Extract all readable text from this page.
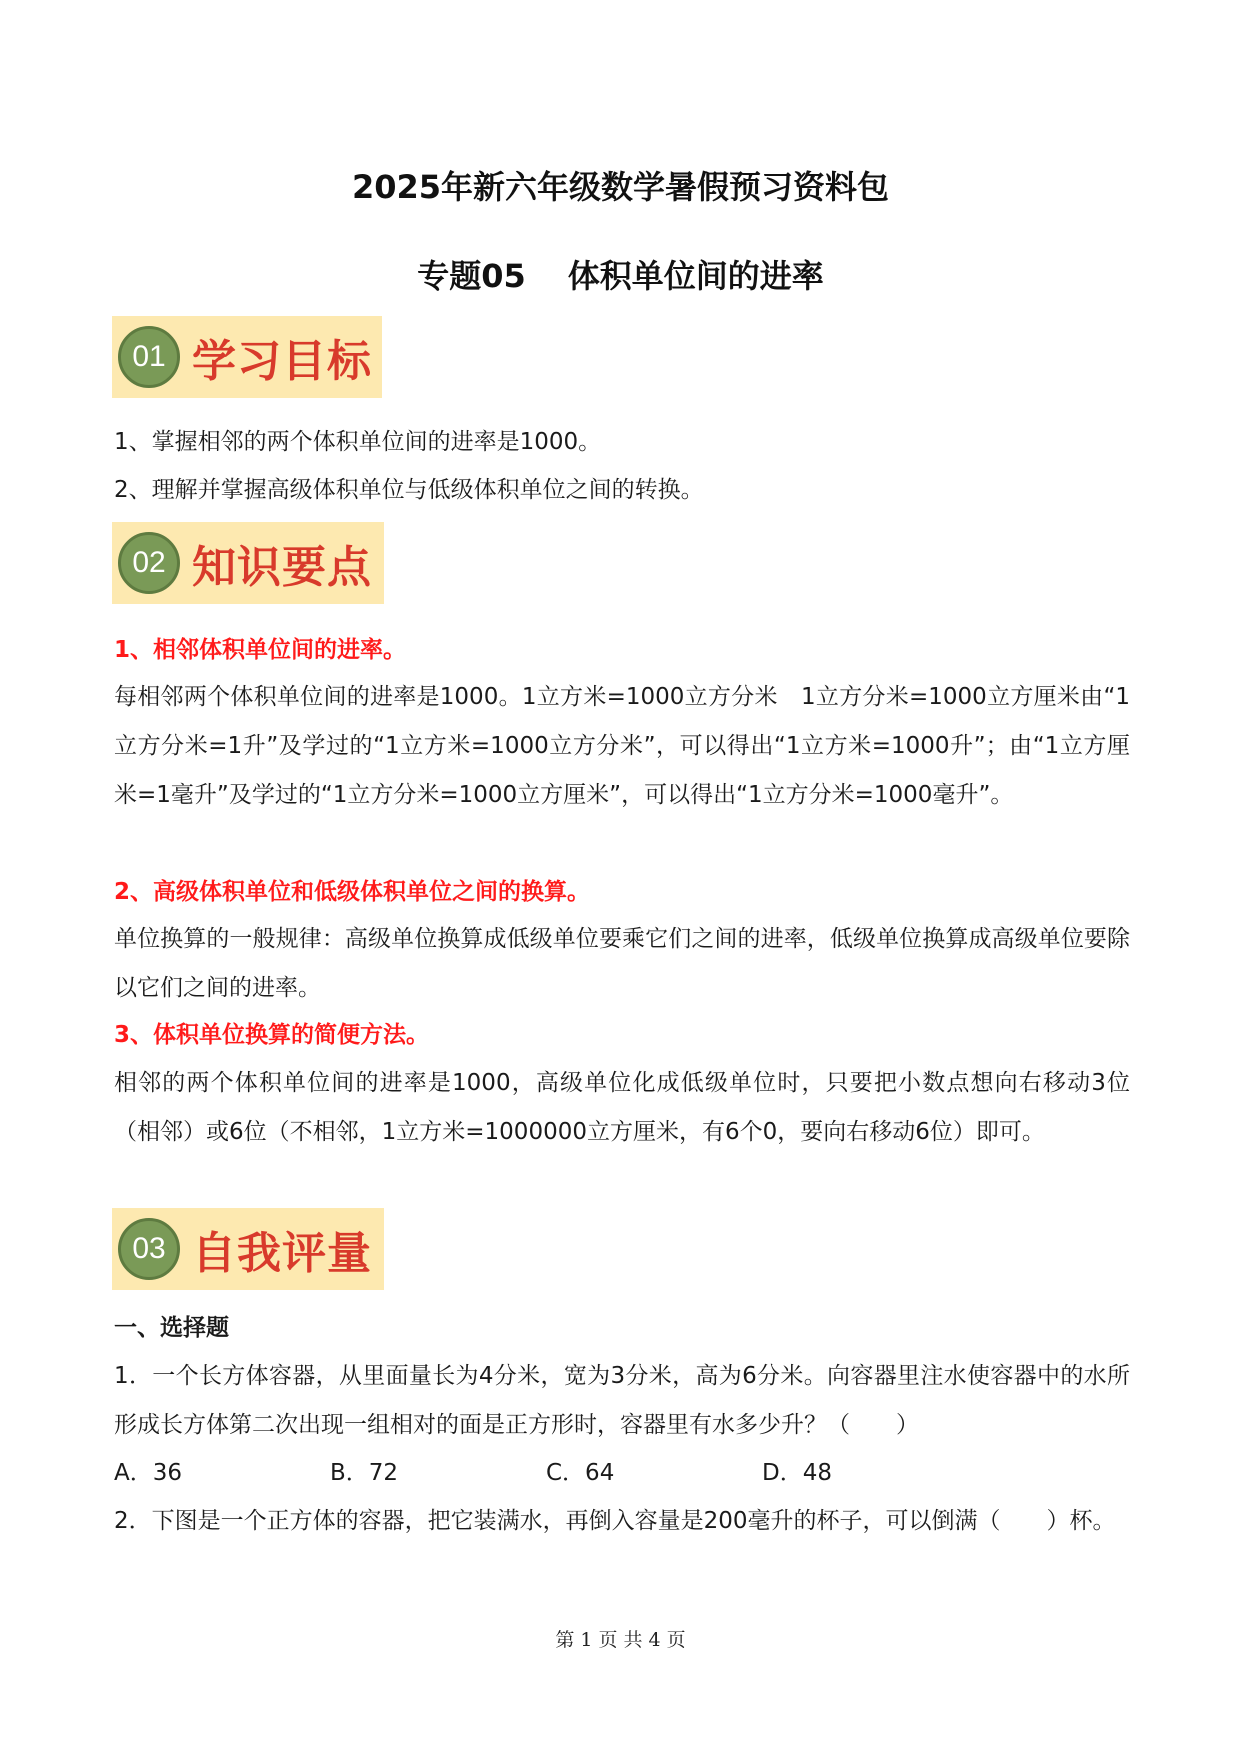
2025年新六年级数学暑假预习资料包
专题05 体积单位间的进率
01 学习目标
1、掌握相邻的两个体积单位间的进率是1000。
2、理解并掌握高级体积单位与低级体积单位之间的转换。
02 知识要点
1、相邻体积单位间的进率。
每相邻两个体积单位间的进率是1000。1立方米=1000立方分米　1立方分米=1000立方厘米由“1立方分米=1升”及学过的“1立方米=1000立方分米”，可以得出“1立方米=1000升”；由“1立方厘米=1毫升”及学过的“1立方分米=1000立方厘米”，可以得出“1立方分米=1000毫升”。
2、高级体积单位和低级体积单位之间的换算。
单位换算的一般规律：高级单位换算成低级单位要乘它们之间的进率，低级单位换算成高级单位要除以它们之间的进率。
3、体积单位换算的简便方法。
相邻的两个体积单位间的进率是1000，高级单位化成低级单位时，只要把小数点想向右移动3位（相邻）或6位（不相邻，1立方米=1000000立方厘米，有6个0，要向右移动6位）即可。
03 自我评量
一、选择题
1．一个长方体容器，从里面量长为4分米，宽为3分米，高为6分米。向容器里注水使容器中的水所形成长方体第二次出现一组相对的面是正方形时，容器里有水多少升？（　　）
A．36	B．72	C．64	D．48
2．下图是一个正方体的容器，把它装满水，再倒入容量是200毫升的杯子，可以倒满（　　）杯。
第 1 页 共 4 页
